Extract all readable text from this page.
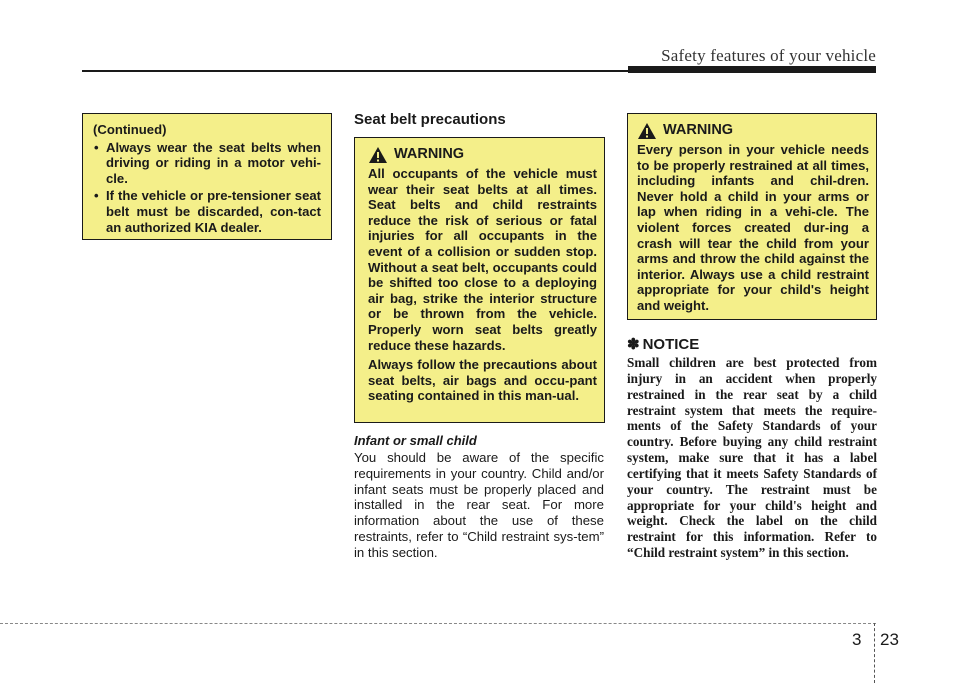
Safety features of your vehicle

(Continued)

• Always wear the seat belts when driving or riding in a motor vehi-cle.
• If the vehicle or pre-tensioner seat belt must be discarded, con-tact an authorized KIA dealer.
Seat belt precautions
WARNING

All occupants of the vehicle must wear their seat belts at all times. Seat belts and child restraints reduce the risk of serious or fatal injuries for all occupants in the event of a collision or sudden stop. Without a seat belt, occupants could be shifted too close to a deploying air bag, strike the interior structure or be thrown from the vehicle. Properly worn seat belts greatly reduce these hazards.

Always follow the precautions about seat belts, air bags and occu-pant seating contained in this man-ual.

Infant or small child
You should be aware of the specific requirements in your country. Child and/or infant seats must be properly placed and installed in the rear seat. For more information about the use of these restraints, refer to “Child restraint sys-tem” in this section.
WARNING

Every person in your vehicle needs to be properly restrained at all times, including infants and chil-dren. Never hold a child in your arms or lap when riding in a vehi-cle. The violent forces created dur-ing a crash will tear the child from your arms and throw the child against the interior. Always use a child restraint appropriate for your child's height and weight.

✽ NOTICE
Small children are best protected from injury in an accident when properly restrained in the rear seat by a child restraint system that meets the require-ments of the Safety Standards of your country. Before buying any child restraint system, make sure that it has a label certifying that it meets Safety Standards of your country. The restraint must be appropriate for your child's height and weight. Check the label on the child restraint for this information. Refer to “Child restraint system” in this section.
3 23
